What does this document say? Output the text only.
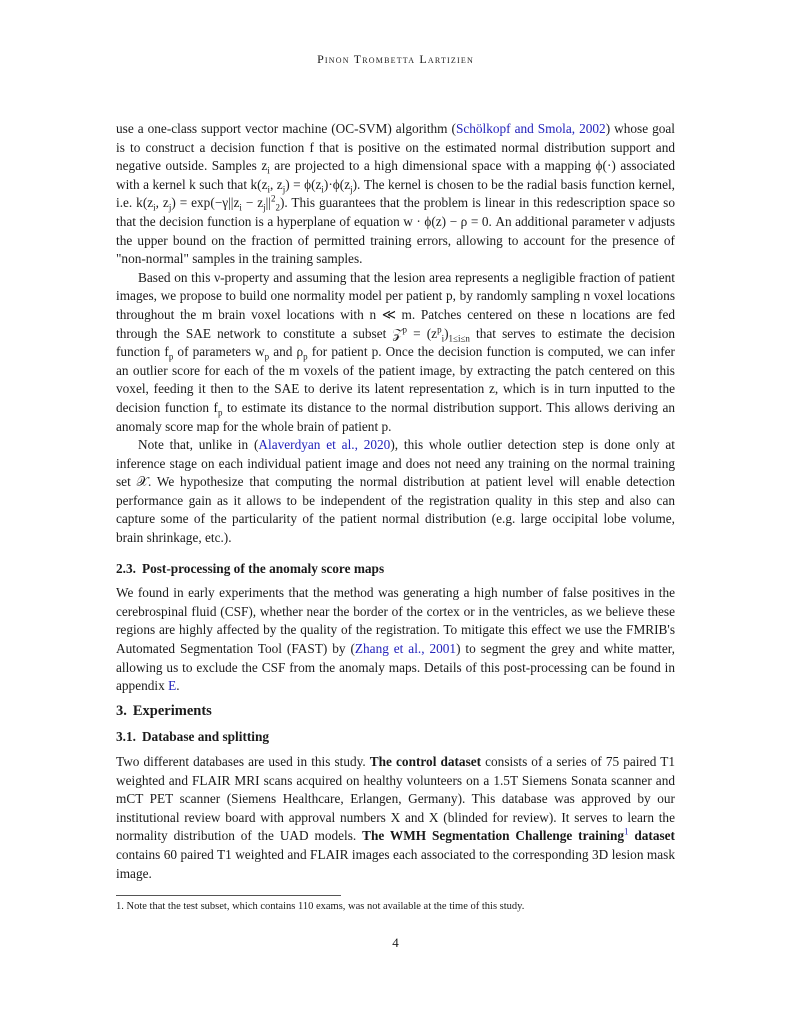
Pinon Trombetta Lartizien

use a one-class support vector machine (OC-SVM) algorithm (Schölkopf and Smola, 2002) whose goal is to construct a decision function f that is positive on the estimated normal distribution support and negative outside. Samples $z_i$ are projected to a high dimensional space with a mapping ϕ(·) associated with a kernel k such that $k(z_i$, $z_j) = \phi(z_i)\cdot\phi(z_j)$. The kernel is chosen to be the radial basis function kernel, i.e. $k(z_i$, $z_j) = \exp(-\gamma||z_i - z_j||^2_2)$. This guarantees that the problem is linear in this redescription space so that the decision function is a hyperplane of equation w · ϕ(z) − ρ = 0. An additional parameter ν adjusts the upper bound on the fraction of permitted training errors, allowing to account for the presence of "non-normal" samples in the training samples.

Based on this ν-property and assuming that the lesion area represents a negligible fraction of patient images, we propose to build one normality model per patient p, by randomly sampling n voxel locations throughout the m brain voxel locations with n ≪ m. Patches centered on these n locations are fed through the SAE network to constitute a subset 𝒵$^p$ = $(z^p_i)_{1\le i\le n}$ that serves to estimate the decision function $f_p$ of parameters $w_p$ and $\rho_p$ for patient p. Once the decision function is computed, we can infer an outlier score for each of the m voxels of the patient image, by extracting the patch centered on this voxel, feeding it then to the SAE to derive its latent representation z, which is in turn inputted to the decision function $f_p$ to estimate its distance to the normal distribution support. This allows deriving an anomaly score map for the whole brain of patient p.

Note that, unlike in (Alaverdyan et al., 2020), this whole outlier detection step is done only at inference stage on each individual patient image and does not need any training on the normal training set 𝒳. We hypothesize that computing the normal distribution at patient level will enable detection performance gain as it allows to be independent of the registration quality in this step and also can capture some of the particularity of the patient normal distribution (e.g. large occipital lobe volume, brain shrinkage, etc.).

2.3. Post-processing of the anomaly score maps

We found in early experiments that the method was generating a high number of false positives in the cerebrospinal fluid (CSF), whether near the border of the cortex or in the ventricles, as we believe these regions are highly affected by the quality of the registration. To mitigate this effect we use the FMRIB's Automated Segmentation Tool (FAST) by (Zhang et al., 2001) to segment the grey and white matter, allowing us to exclude the CSF from the anomaly maps. Details of this post-processing can be found in appendix E.

3. Experiments
3.1. Database and splitting

Two different databases are used in this study. The control dataset consists of a series of 75 paired T1 weighted and FLAIR MRI scans acquired on healthy volunteers on a 1.5T Siemens Sonata scanner and mCT PET scanner (Siemens Healthcare, Erlangen, Germany). This database was approved by our institutional review board with approval numbers X and X (blinded for review). It serves to learn the normality distribution of the UAD models. The WMH Segmentation Challenge training$^1$ dataset contains 60 paired T1 weighted and FLAIR images each associated to the corresponding 3D lesion mask image.

1. Note that the test subset, which contains 110 exams, was not available at the time of this study.
4
